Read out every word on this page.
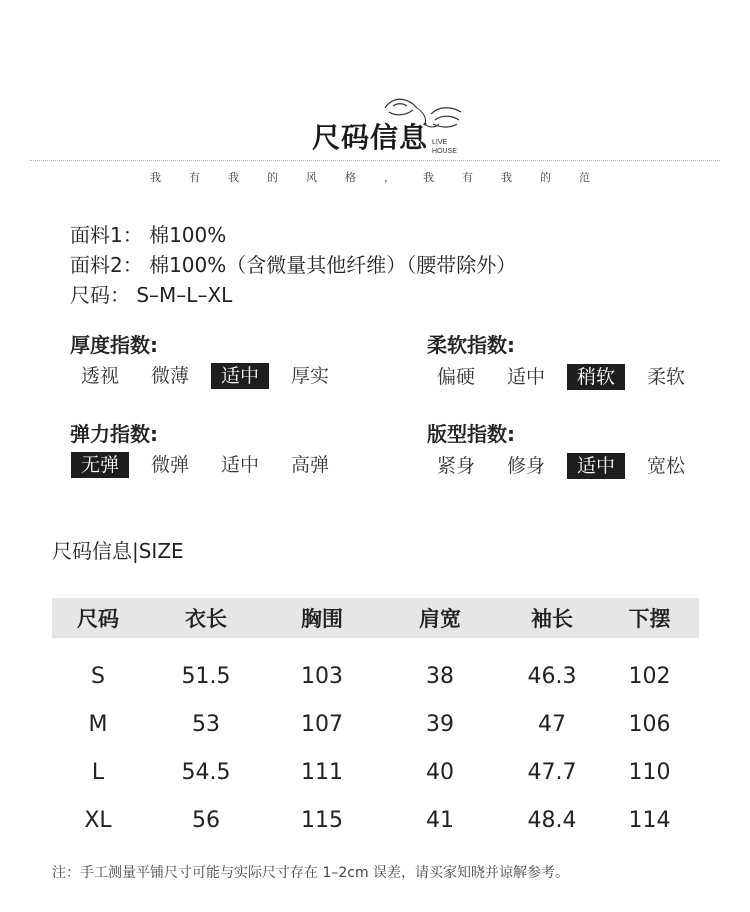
尺码信息 LIVE
HOUSE
我	有	我	的	风	格	，	我	有	我	的	范
面料1： 棉100%
面料2： 棉100%（含微量其他纤维）（腰带除外）
尺码： S–M–L–XL
厚度指数:
透视	微薄	适中	厚实
柔软指数:
偏硬	适中	稍软	柔软
弹力指数:
无弹	微弹	适中	高弹
版型指数:
紧身	修身	适中	宽松
尺码信息|SIZE
尺码	衣长	胸围	肩宽	袖长	下摆
S	51.5	103	38	46.3	102
M	53	107	39	47	106
L	54.5	111	40	47.7	110
XL	56	115	41	48.4	114
注：手工测量平铺尺寸可能与实际尺寸存在 1–2cm 误差，请买家知晓并谅解参考。
